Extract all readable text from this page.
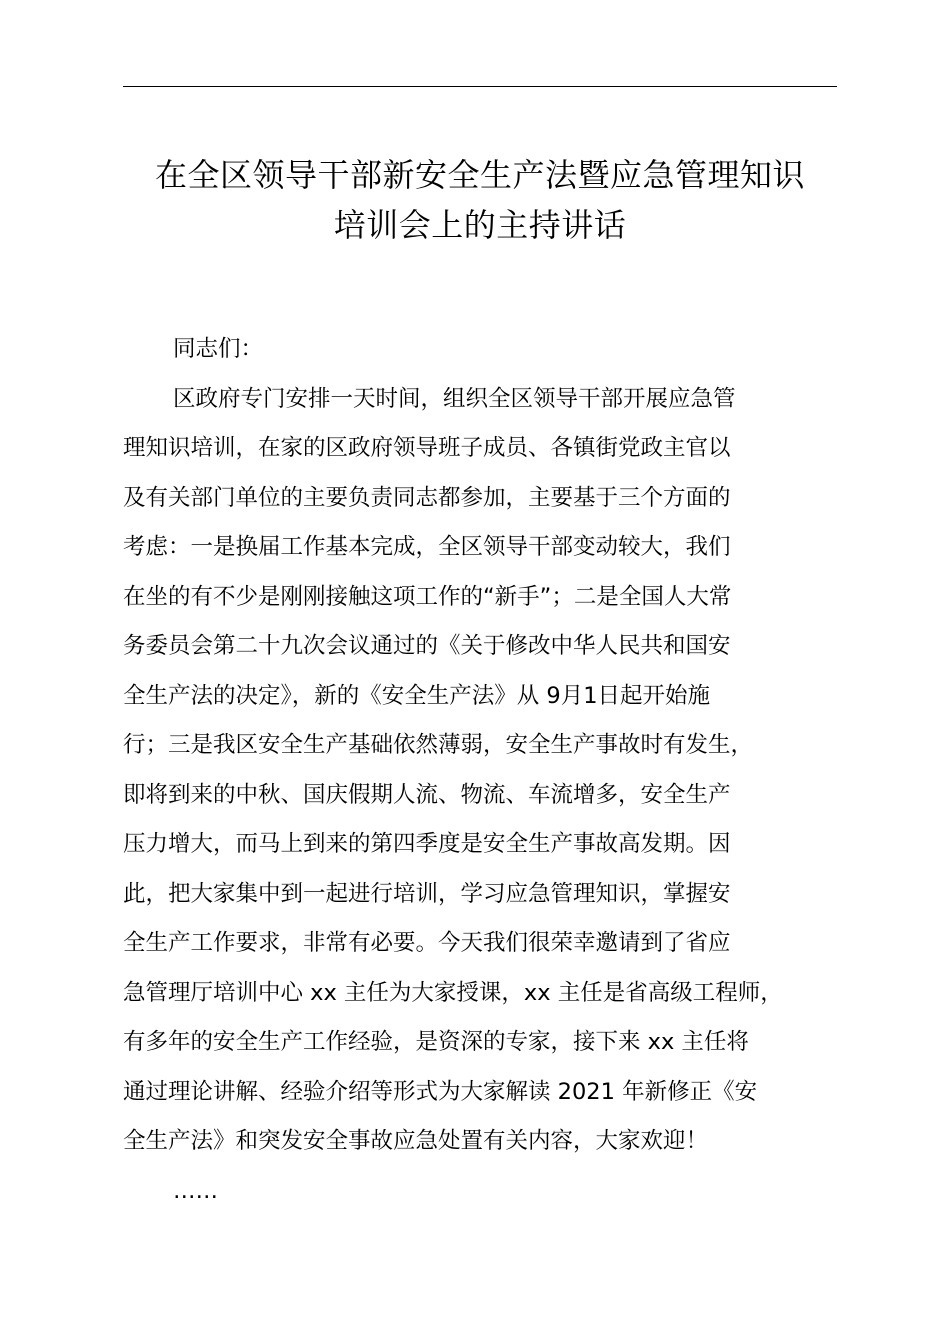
在全区领导干部新安全生产法暨应急管理知识
培训会上的主持讲话
同志们：
区政府专门安排一天时间，组织全区领导干部开展应急管
理知识培训，在家的区政府领导班子成员、各镇街党政主官以
及有关部门单位的主要负责同志都参加，主要基于三个方面的
考虑：一是换届工作基本完成，全区领导干部变动较大，我们
在坐的有不少是刚刚接触这项工作的“新手”；二是全国人大常
务委员会第二十九次会议通过的《关于修改中华人民共和国安
全生产法的决定》，新的《安全生产法》从 9月1日起开始施
行；三是我区安全生产基础依然薄弱，安全生产事故时有发生，
即将到来的中秋、国庆假期人流、物流、车流增多，安全生产
压力增大，而马上到来的第四季度是安全生产事故高发期。因
此，把大家集中到一起进行培训，学习应急管理知识，掌握安
全生产工作要求，非常有必要。今天我们很荣幸邀请到了省应
急管理厅培训中心 xx 主任为大家授课，xx 主任是省高级工程师，
有多年的安全生产工作经验，是资深的专家，接下来 xx 主任将
通过理论讲解、经验介绍等形式为大家解读 2021 年新修正《安
全生产法》和突发安全事故应急处置有关内容，大家欢迎！
……
